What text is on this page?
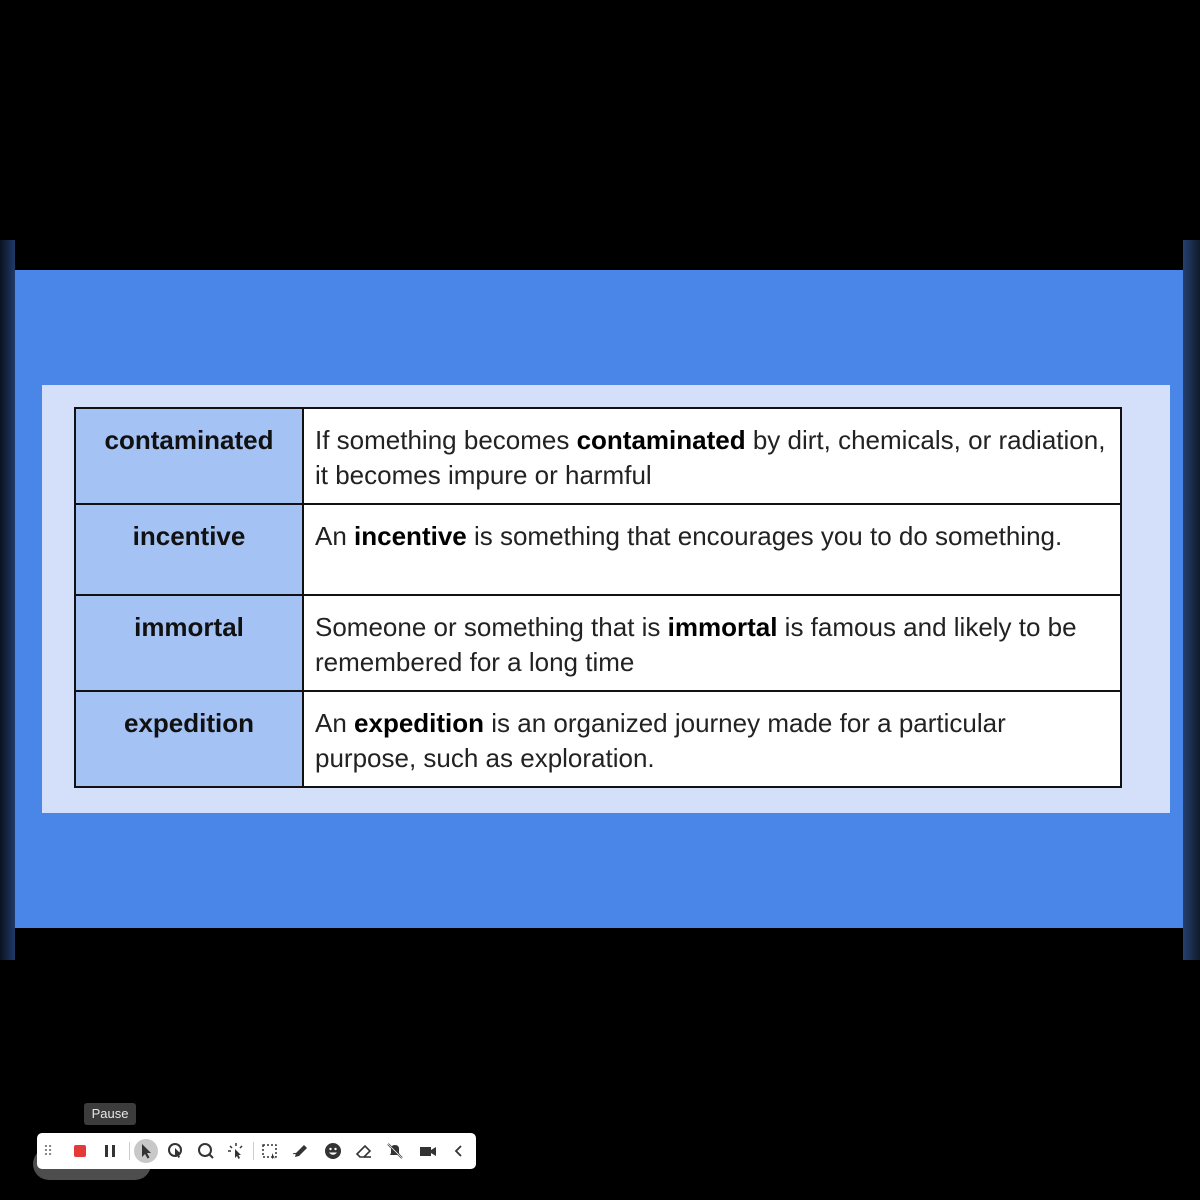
contaminated	If something becomes contaminated by dirt, chemicals, or radiation, it becomes impure or harmful
incentive	An incentive is something that encourages you to do something.
immortal	Someone or something that is immortal is famous and likely to be remembered for a long time
expedition	An expedition is an organized journey made for a particular purpose, such as exploration.
Pause
⠿
